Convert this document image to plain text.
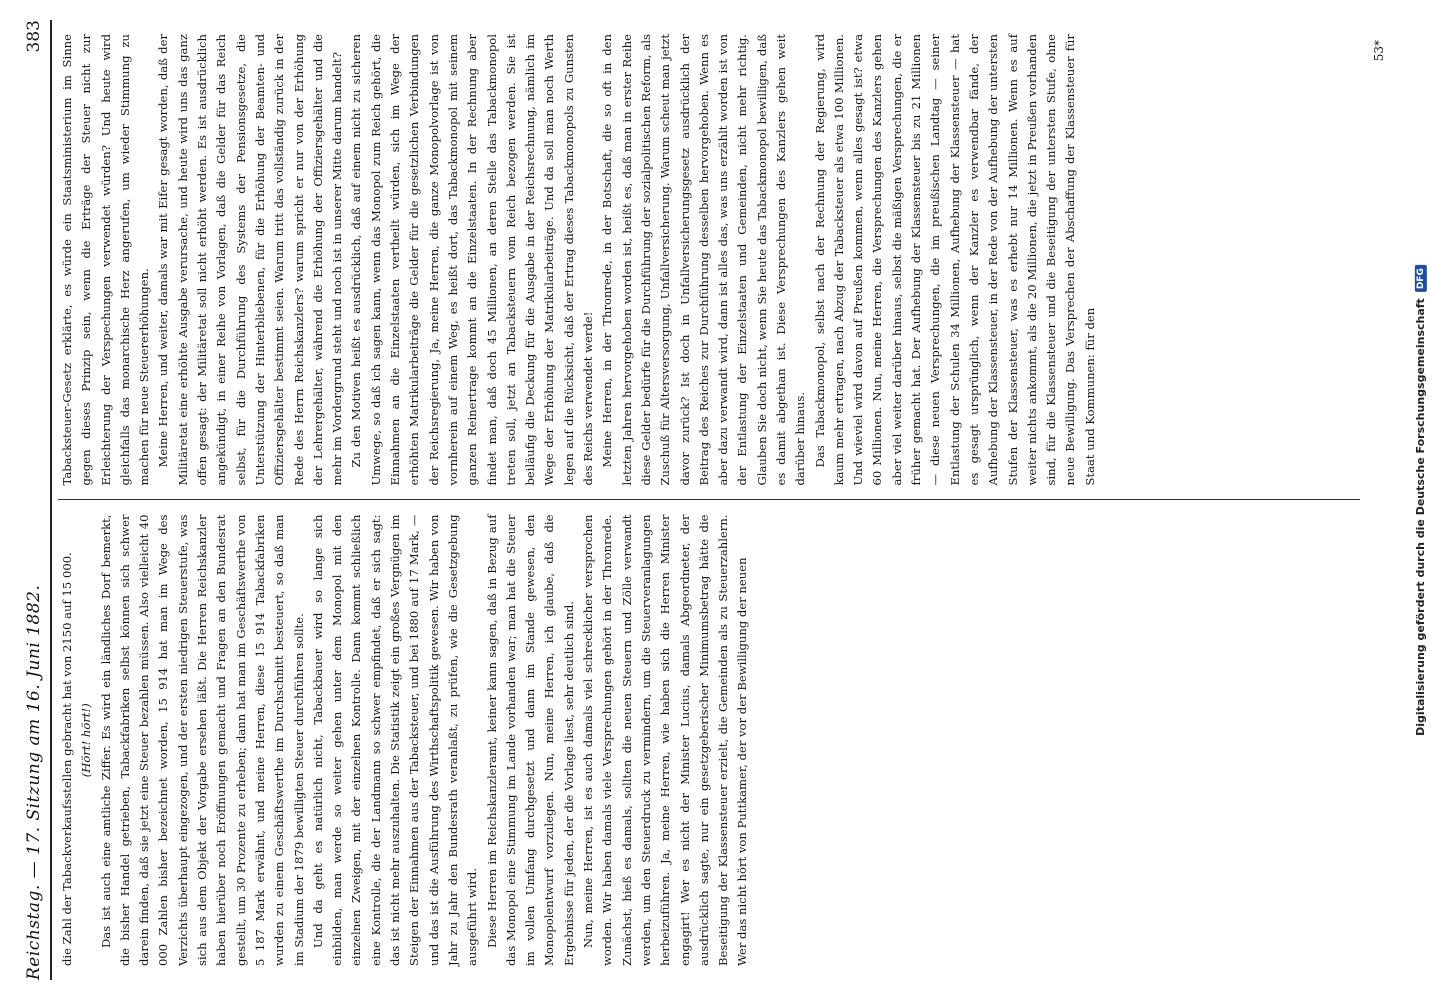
Reichstag. — 17. Sitzung am 16. Juni 1882.
383

die Zahl der Tabackverkaufsstellen gebracht hat von 2150 auf 15 000. (Hört! hört!) Das ist auch eine amtliche Ziffer. Es wird ein ländliches Dorf bemerkt, die bisher Handel getrieben, Tabackfabriken selbst können sich schwer darein finden, daß sie jetzt eine Steuer bezahlen müssen. Also vielleicht 40 000 Zahlen bisher bezeichnet worden, 15 914 hat man im Wege des Verzichts überhaupt eingezogen, und der ersten niedrigen Steuerstufe, was sich aus dem Objekt der Vorgabe ersehen läßt. Die Herren Reichskanzler haben hierüber noch Eröffnungen gemacht und Fragen an den Bundesrat gestellt, um 30 Prozente zu erheben; dann hat man im Geschäftswerthe von 5 187 Mark erwähnt, und meine Herren, diese 15 914 Tabackfabriken wurden zu einem Geschäftswerthe im Durchschnitt besteuert, so daß man im Stadium der 1879 bewilligten Steuer durchführen sollte. Und da geht es natürlich nicht, Tabackbauer wird so lange sich einbilden, man werde so weiter gehen unter dem Monopol mit den einzelnen Zweigen, mit der einzelnen Kontrolle. Dann kommt schließlich eine Kontrolle, die der Landmann so schwer empfindet, daß er sich sagt: das ist nicht mehr auszuhalten. Die Statistik zeigt ein großes Vergnügen im Steigen der Einnahmen aus der Tabacksteuer, und bei 1880 auf 17 Mark, — und das ist die Ausführung des Wirthschaftspolitik gewesen. Wir haben von Jahr zu Jahr den Bundesrath veranlaßt, zu prüfen, wie die Gesetzgebung ausgeführt wird. Diese Herren im Reichskanzleramt, keiner kann sagen, daß in Bezug auf das Monopol eine Stimmung im Lande vorhanden war; man hat die Steuer im vollen Umfang durchgesetzt und dann im Stande gewesen, den Monopolentwurf vorzulegen. Nun, meine Herren, ich glaube, daß die Ergebnisse für jeden, der die Vorlage liest, sehr deutlich sind. Nun, meine Herren, ist es auch damals viel schrecklicher versprochen worden. Wir haben damals viele Versprechungen gehört in der Thronrede. Zunächst, hieß es damals, sollten die neuen Steuern und Zölle verwandt werden, um den Steuerdruck zu vermindern, um die Steuerveranlagungen herbeizuführen. Ja, meine Herren, wie haben sich die Herren Minister engagirt! Wer es nicht der Minister Lucius, damals Abgeordneter, der ausdrücklich sagte, nur ein gesetzgeberischer Minimumsbetrag hätte die Beseitigung der Klassensteuer erzielt, die Gemeinden als zu Steuerzahlern. Wer das nicht hört von Puttkamer, der vor der Bewilligung der neuen

Tabacksteuer-Gesetz erklärte, es würde ein Staatsministerium im Sinne gegen dieses Prinzip sein, wenn die Erträge der Steuer nicht zur Erleichterung der Verspechungen verwendet würden? Und heute wird gleichfalls das monarchische Herz angerufen, um wieder Stimmung zu machen für neue Steuererhöhungen. Meine Herren, und weiter, damals war mit Eifer gesagt worden, daß der Militäretat eine erhöhte Ausgabe verursache, und heute wird uns das ganz offen gesagt: der Militäretat soll nicht erhöht werden. Es ist ausdrücklich angekündigt, in einer Reihe von Vorlagen, daß die Gelder für das Reich selbst, für die Durchführung des Systems der Pensionsgesetze, die Unterstützung der Hinterbliebenen, für die Erhöhung der Beamten- und Offiziersgehälter bestimmt seien. Warum tritt das vollständig zurück in der Rede des Herrn Reichskanzlers? warum spricht er nur von der Erhöhung der Lehrergehälter, während die Erhöhung der Offiziersgehälter und die mehr im Vordergrund steht und noch ist in unserer Mitte darum handelt? Zu den Motiven heißt es ausdrücklich, daß auf einem nicht zu sicheren Umwege, so daß ich sagen kann, wenn das Monopol zum Reich gehört, die Einnahmen an die Einzelstaaten vertheilt würden, sich im Wege der erhöhten Matrikularbeiträge die Gelder für die gesetzlichen Verbindungen der Reichsregierung, Ja, meine Herren, die ganze Monopolvorlage ist von vornherein auf einem Weg, es heißt dort, das Tabackmonopol mit seinem ganzen Reinertrage kommt an die Einzelstaaten. In der Rechnung aber findet man, daß doch 45 Millionen, an deren Stelle das Tabackmonopol treten soll, jetzt an Tabacksteuern vom Reich bezogen werden. Sie ist beiläufig die Deckung für die Ausgabe in der Reichsrechnung, nämlich im Wege der Erhöhung der Matrikularbeiträge. Und da soll man noch Werth legen auf die Rücksicht, daß der Ertrag dieses Tabackmonopols zu Gunsten des Reichs verwendet werde! Meine Herren, in der Thronrede, in der Botschaft, die so oft in den letzten Jahren hervorgehoben worden ist, heißt es, daß man in erster Reihe diese Gelder bedürfe für die Durchführung der sozialpolitischen Reform, als Zuschuß für Altersversorgung, Unfallversicherung. Warum scheut man jetzt davor zurück? Ist doch in Unfallversicherungsgesetz ausdrücklich der Beitrag des Reiches zur Durchführung desselben hervorgehoben. Wenn es aber dazu verwandt wird, dann ist alles das, was uns erzählt worden ist von der Entlastung der Einzelstaaten und Gemeinden, nicht mehr richtig. Glauben Sie doch nicht, wenn Sie heute das Tabackmonopol bewilligen, daß es damit abgethan ist. Diese Versprechungen des Kanzlers gehen weit darüber hinaus. Das Tabackmonopol, selbst nach der Rechnung der Regierung, wird kaum mehr ertragen, nach Abzug der Tabacksteuer als etwa 100 Millionen. Und wieviel wird davon auf Preußen kommen, wenn alles gesagt ist? etwa 60 Millionen. Nun, meine Herren, die Versprechungen des Kanzlers gehen aber viel weiter darüber hinaus, selbst die mäßigen Versprechungen, die er früher gemacht hat. Der Aufhebung der Klassensteuer bis zu 21 Millionen — diese neuen Versprechungen, die im preußischen Landtag — seiner Entlastung der Schulen 34 Millionen, Aufhebung der Klassensteuer — hat es gesagt ursprünglich, wenn der Kanzler es verwendbar fände, der Aufhebung der Klassensteuer, in der Rede von der Aufhebung der untersten Stufen der Klassensteuer, was es erhebt nur 14 Millionen. Wenn es auf weiter nichts ankommt, als die 20 Millionen, die jetzt in Preußen vorhanden sind, für die Klassensteuer und die Beseitigung der untersten Stufe, ohne neue Bewilligung. Das Versprechen der Abschaffung der Klassensteuer für Staat und Kommunen: für den

53*
Digitalisierung gefördert durch die Deutsche Forschungsgemeinschaft
DFG
